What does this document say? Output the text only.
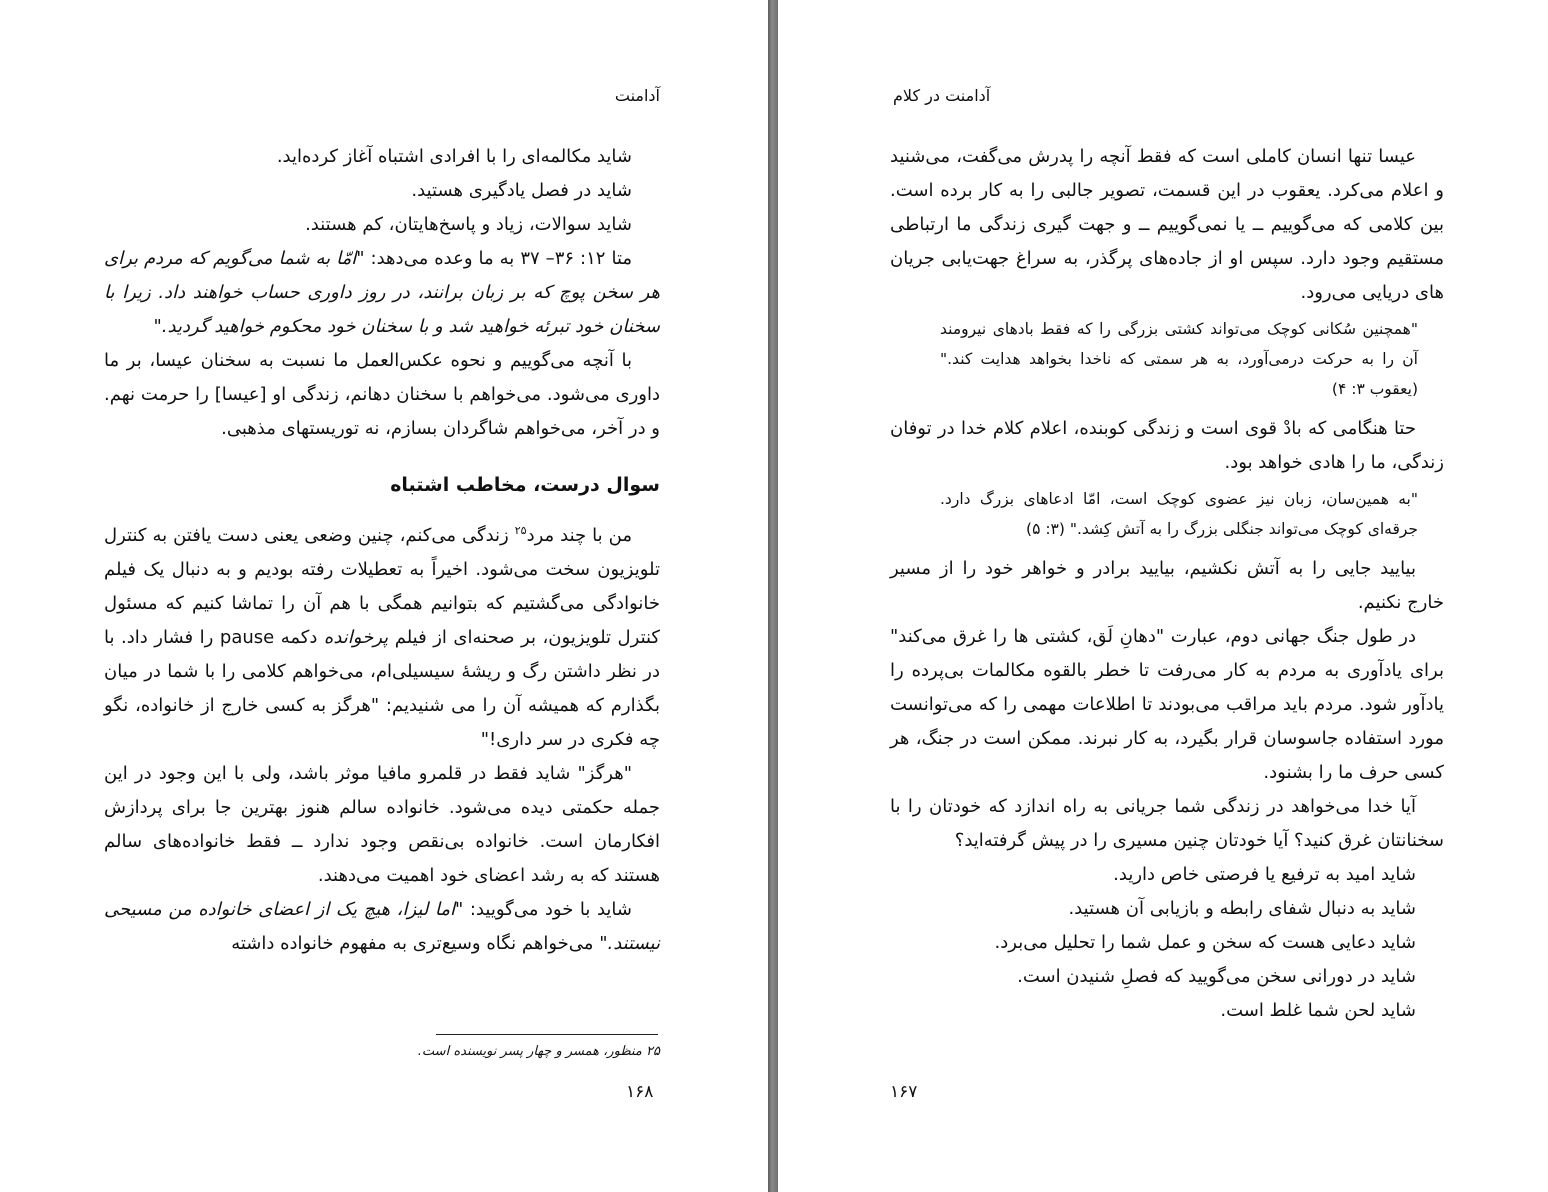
آدامنت

شاید مکالمه‌ای را با افرادی اشتباه آغاز کرده‌اید.

شاید در فصل یادگیری هستید.

شاید سوالات، زیاد و پاسخ‌هایتان، کم هستند.

متا ۱۲: ۳۶– ۳۷ به ما وعده می‌دهد: "امّا به شما می‌گویم که مردم برای هر سخن پوچ که بر زبان برانند، در روز داوری حساب خواهند داد. زیرا با سخنان خود تبرئه خواهید شد و با سخنان خود محکوم خواهید گردید."

با آنچه می‌گوییم و نحوه عکس‌العمل ما نسبت به سخنان عیسا، بر ما داوری می‌شود. می‌خواهم با سخنان دهانم، زندگی او [عیسا] را حرمت نهم. و در آخر، می‌خواهم شاگردان بسازم، نه توریستهای مذهبی.

سوال درست، مخاطب اشتباه

من با چند مرد$^{۲۵}$ زندگی می‌کنم، چنین وضعی یعنی دست یافتن به کنترل تلویزیون سخت می‌شود. اخیراً به تعطیلات رفته بودیم و به دنبال یک فیلم خانوادگی می‌گشتیم که بتوانیم همگی با هم آن را تماشا کنیم که مسئول کنترل تلویزیون، بر صحنه‌ای از فیلم پرخوانده دکمه pause را فشار داد. با در نظر داشتن رگ و ریشهٔ سیسیلی‌ام، می‌خواهم کلامی را با شما در میان بگذارم که همیشه آن را می شنیدیم: "هرگز به کسی خارج از خانواده، نگو چه فکری در سر داری!"

"هرگز" شاید فقط در قلمرو مافیا موثر باشد، ولی با این وجود در این جمله حکمتی دیده می‌شود. خانواده سالم هنوز بهترین جا برای پردازش افکارمان است. خانواده بی‌نقص وجود ندارد ــ فقط خانواده‌های سالم هستند که به رشد اعضای خود اهمیت می‌دهند.

شاید با خود می‌گویید: "اما لیزا، هیچ یک از اعضای خانواده من مسیحی نیستند." می‌خواهم نگاه وسیع‌تری به مفهوم خانواده داشته

۲۵ منظور، همسر و چهار پسر نویسنده است.
۱۶۸
آدامنت در کلام

عیسا تنها انسان کاملی است که فقط آنچه را پدرش می‌گفت، می‌شنید و اعلام می‌کرد. یعقوب در این قسمت، تصویر جالبی را به کار برده است. بین کلامی که می‌گوییم ــ یا نمی‌گوییم ــ و جهت گیری زندگی ما ارتباطی مستقیم وجود دارد. سپس او از جاده‌های پرگذر، به سراغ جهت‌یابی جریان های دریایی می‌رود.

"همچنین سُکانی کوچک می‌تواند کشتی بزرگی را که فقط بادهای نیرومند آن را به حرکت درمی‌آورد، به هر سمتی که ناخدا بخواهد هدایت کند." (یعقوب ۳: ۴)

حتا هنگامی که بادْ قوی است و زندگی کوبنده، اعلام کلام خدا در توفان زندگی، ما را هادی خواهد بود.

"به همین‌سان، زبان نیز عضوی کوچک است، امّا ادعاهای بزرگ دارد. جرقه‌ای کوچک می‌تواند جنگلی بزرگ را به آتش کِشد." (۳: ۵)

بیایید جایی را به آتش نکشیم، بیایید برادر و خواهر خود را از مسیر خارج نکنیم.

در طول جنگ جهانی دوم، عبارت "دهانِ لَق، کشتی ها را غرق می‌کند" برای یادآوری به مردم به کار می‌رفت تا خطر بالقوه مکالمات بی‌پرده را یادآور شود. مردم باید مراقب می‌بودند تا اطلاعات مهمی را که می‌توانست مورد استفاده جاسوسان قرار بگیرد، به کار نبرند. ممکن است در جنگ، هر کسی حرف ما را بشنود.

آیا خدا می‌خواهد در زندگی شما جریانی به راه اندازد که خودتان را با سخنانتان غرق کنید؟ آیا خودتان چنین مسیری را در پیش گرفته‌اید؟

شاید امید به ترفیع یا فرصتی خاص دارید.

شاید به دنبال شفای رابطه و بازیابی آن هستید.

شاید دعایی هست که سخن و عمل شما را تحلیل می‌برد.

شاید در دورانی سخن می‌گویید که فصلِ شنیدن است.

شاید لحن شما غلط است.

۱۶۷
